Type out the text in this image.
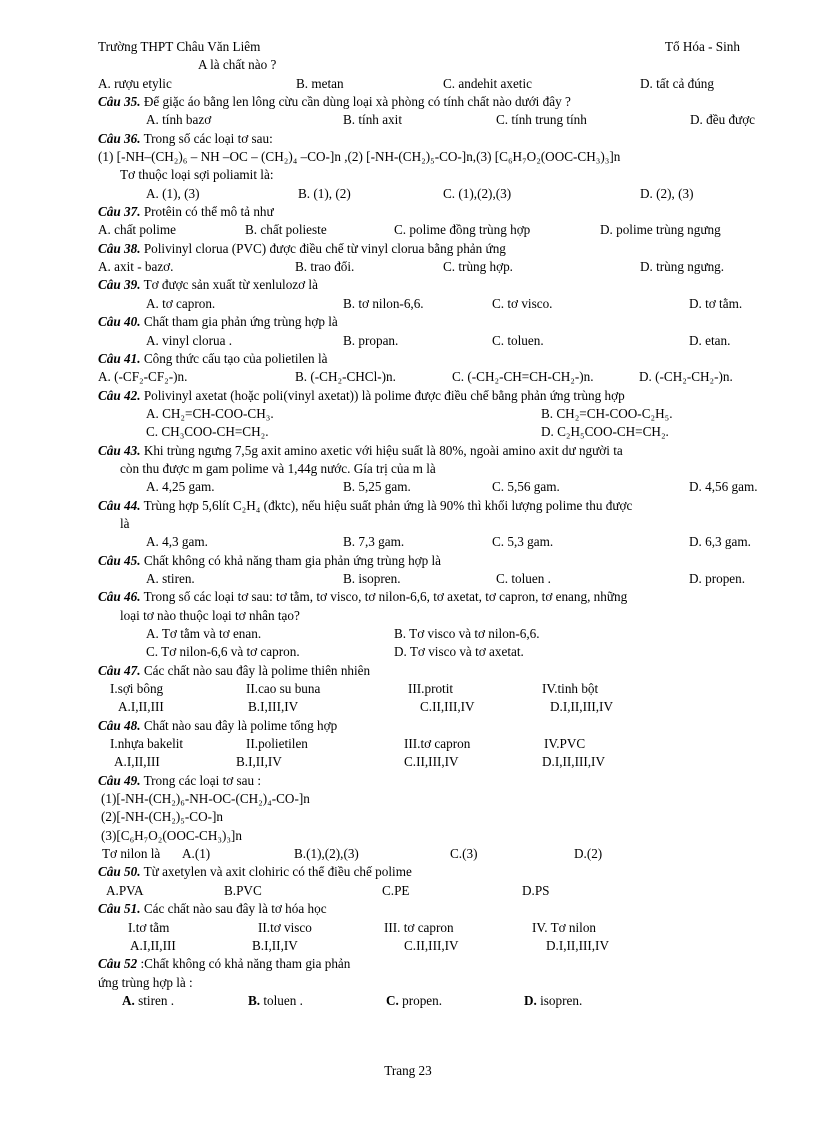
Trường THPT Châu Văn Liêm	Tổ Hóa - Sinh
A là chất nào ?
A. rượu etylic	B. metan	C. andehit axetic	D. tất cả đúng
Câu 35. Để giặc áo bằng len lông cừu cần dùng loại xà phòng có tính chất nào dưới đây ?
A. tính bazơ	B. tính axit	C. tính trung tính	D. đều được
Câu 36. Trong số các loại tơ sau:
(1) [-NH–(CH₂)₆ – NH –OC – (CH₂)₄ –CO-]n ,(2) [-NH-(CH₂)₅-CO-]n,(3) [C₆H₇O₂(OOC-CH₃)₃]n
Tơ thuộc loại sợi poliamit là:
A. (1), (3)	B. (1), (2)	C. (1),(2),(3)	D. (2), (3)
Câu 37. Protêin có thể mô tả như
A. chất polime	B. chất polieste	C. polime đồng trùng hợp	D. polime trùng ngưng
Câu 38. Polivinyl clorua (PVC) được điều chế từ vinyl clorua bằng phản ứng
A. axit - bazơ.	B. trao đổi.	C. trùng hợp.	D. trùng ngưng.
Câu 39. Tơ được sản xuất từ xenlulozơ là
A. tơ capron.	B. tơ nilon-6,6.	C. tơ visco.	D. tơ tằm.
Câu 40. Chất tham gia phản ứng trùng hợp là
A. vinyl clorua .	B. propan.	C. toluen.	D. etan.
Câu 41. Công thức cấu tạo của polietilen là
A. (-CF₂-CF₂-)n.	B. (-CH₂-CHCl-)n.	C. (-CH₂-CH=CH-CH₂-)n.	D. (-CH₂-CH₂-)n.
Câu 42. Polivinyl axetat (hoặc poli(vinyl axetat)) là polime được điều chế bằng phản ứng trùng hợp
A. CH₂=CH-COO-CH₃.	B. CH₂=CH-COO-C₂H₅.
C. CH₃COO-CH=CH₂.	D. C₂H₅COO-CH=CH₂.
Câu 43. Khi trùng ngưng 7,5g axit amino axetic với hiệu suất là 80%, ngoài amino axit dư người ta
còn thu được m gam polime và 1,44g nước. Gía trị của m là
A. 4,25 gam.	B. 5,25 gam.	C. 5,56 gam.	D. 4,56 gam.
Câu 44. Trùng hợp 5,6lít C₂H₄ (đktc), nếu hiệu suất phản ứng là 90% thì khối lượng polime thu được
là
A. 4,3 gam.	B. 7,3 gam.	C. 5,3 gam.	D. 6,3 gam.
Câu 45. Chất không có khả năng tham gia phản ứng trùng hợp là
A. stiren.	B. isopren.	C. toluen .	D. propen.
Câu 46. Trong số các loại tơ sau: tơ tằm, tơ visco, tơ nilon-6,6, tơ axetat, tơ capron, tơ enang, những
loại tơ nào thuộc loại tơ nhân tạo?
A. Tơ tằm và tơ enan.	B. Tơ visco và tơ nilon-6,6.
C. Tơ nilon-6,6 và tơ capron.	D. Tơ visco và tơ axetat.
Câu 47. Các chất nào sau đây là polime thiên nhiên
I.sợi bông	II.cao su buna	III.protit	IV.tinh bột
A.I,II,III	B.I,III,IV	C.II,III,IV	D.I,II,III,IV
Câu 48. Chất nào sau đây là polime tổng hợp
I.nhựa bakelit	II.polietilen	III.tơ capron	IV.PVC
A.I,II,III	B.I,II,IV	C.II,III,IV	D.I,II,III,IV
Câu 49. Trong các loại tơ sau :
(1)[-NH-(CH₂)₆-NH-OC-(CH₂)₄-CO-]n
(2)[-NH-(CH₂)₅-CO-]n
(3)[C₆H₇O₂(OOC-CH₃)₃]n
Tơ nilon là A.(1)	B.(1),(2),(3)	C.(3)	D.(2)
Câu 50. Từ axetylen và axit clohiric có thể điều chế polime
A.PVA	B.PVC	C.PE	D.PS
Câu 51. Các chất nào sau đây là tơ hóa học
I.tơ tằm	II.tơ visco	III. tơ capron	IV. Tơ nilon
A.I,II,III	B.I,II,IV	C.II,III,IV	D.I,II,III,IV
Câu 52 :Chất không có khả năng tham gia phản
ứng trùng hợp là :
A. stiren .	B. toluen .	C. propen.	D. isopren.
Trang 23
